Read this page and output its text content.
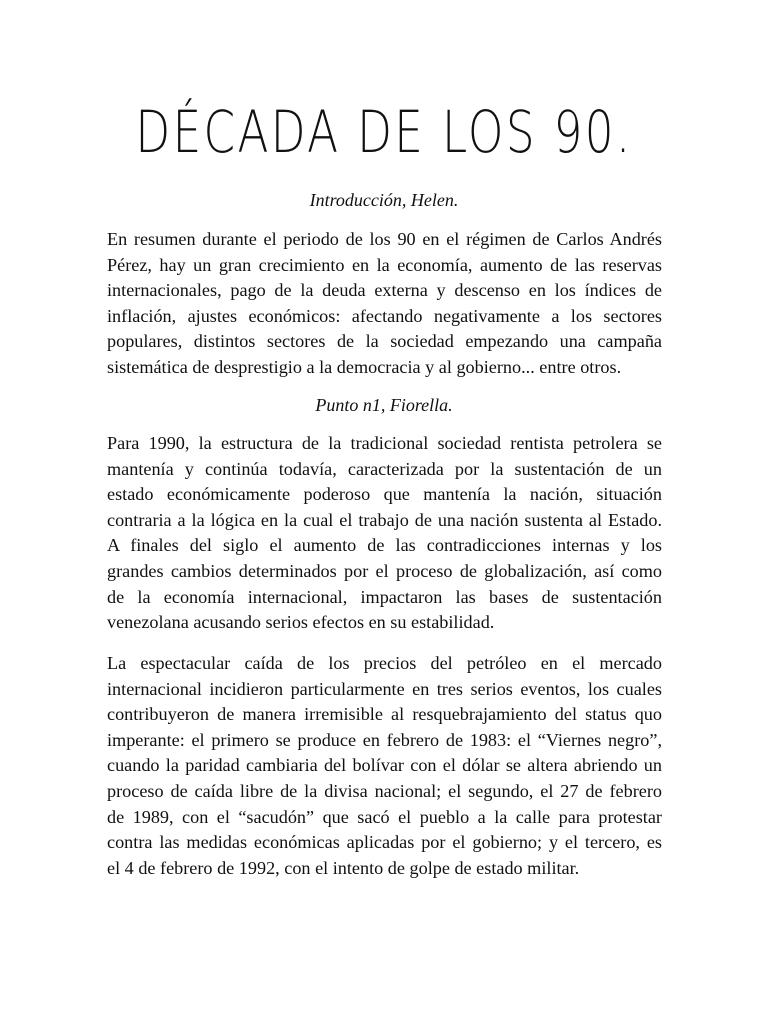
DÉCADA DE LOS 90.
Introducción, Helen.
En resumen durante el periodo de los 90 en el régimen de Carlos Andrés
Pérez, hay un gran crecimiento en la economía, aumento de las reservas
internacionales, pago de la deuda externa y descenso en los índices de
inflación, ajustes económicos: afectando negativamente a los sectores
populares, distintos sectores de la sociedad empezando una campaña
sistemática de desprestigio a la democracia y al gobierno... entre otros.
Punto n1, Fiorella.
Para 1990, la estructura de la tradicional sociedad rentista petrolera se
mantenía y continúa todavía, caracterizada por la sustentación de un
estado económicamente poderoso que mantenía la nación, situación
contraria a la lógica en la cual el trabajo de una nación sustenta al Estado.
A finales del siglo el aumento de las contradicciones internas y los
grandes cambios determinados por el proceso de globalización, así como
de la economía internacional, impactaron las bases de sustentación
venezolana acusando serios efectos en su estabilidad.
La espectacular caída de los precios del petróleo en el mercado
internacional incidieron particularmente en tres serios eventos, los cuales
contribuyeron de manera irremisible al resquebrajamiento del status quo
imperante: el primero se produce en febrero de 1983: el “Viernes negro”,
cuando la paridad cambiaria del bolívar con el dólar se altera abriendo un
proceso de caída libre de la divisa nacional; el segundo, el 27 de febrero
de 1989, con el “sacudón” que sacó el pueblo a la calle para protestar
contra las medidas económicas aplicadas por el gobierno; y el tercero, es
el 4 de febrero de 1992, con el intento de golpe de estado militar.
